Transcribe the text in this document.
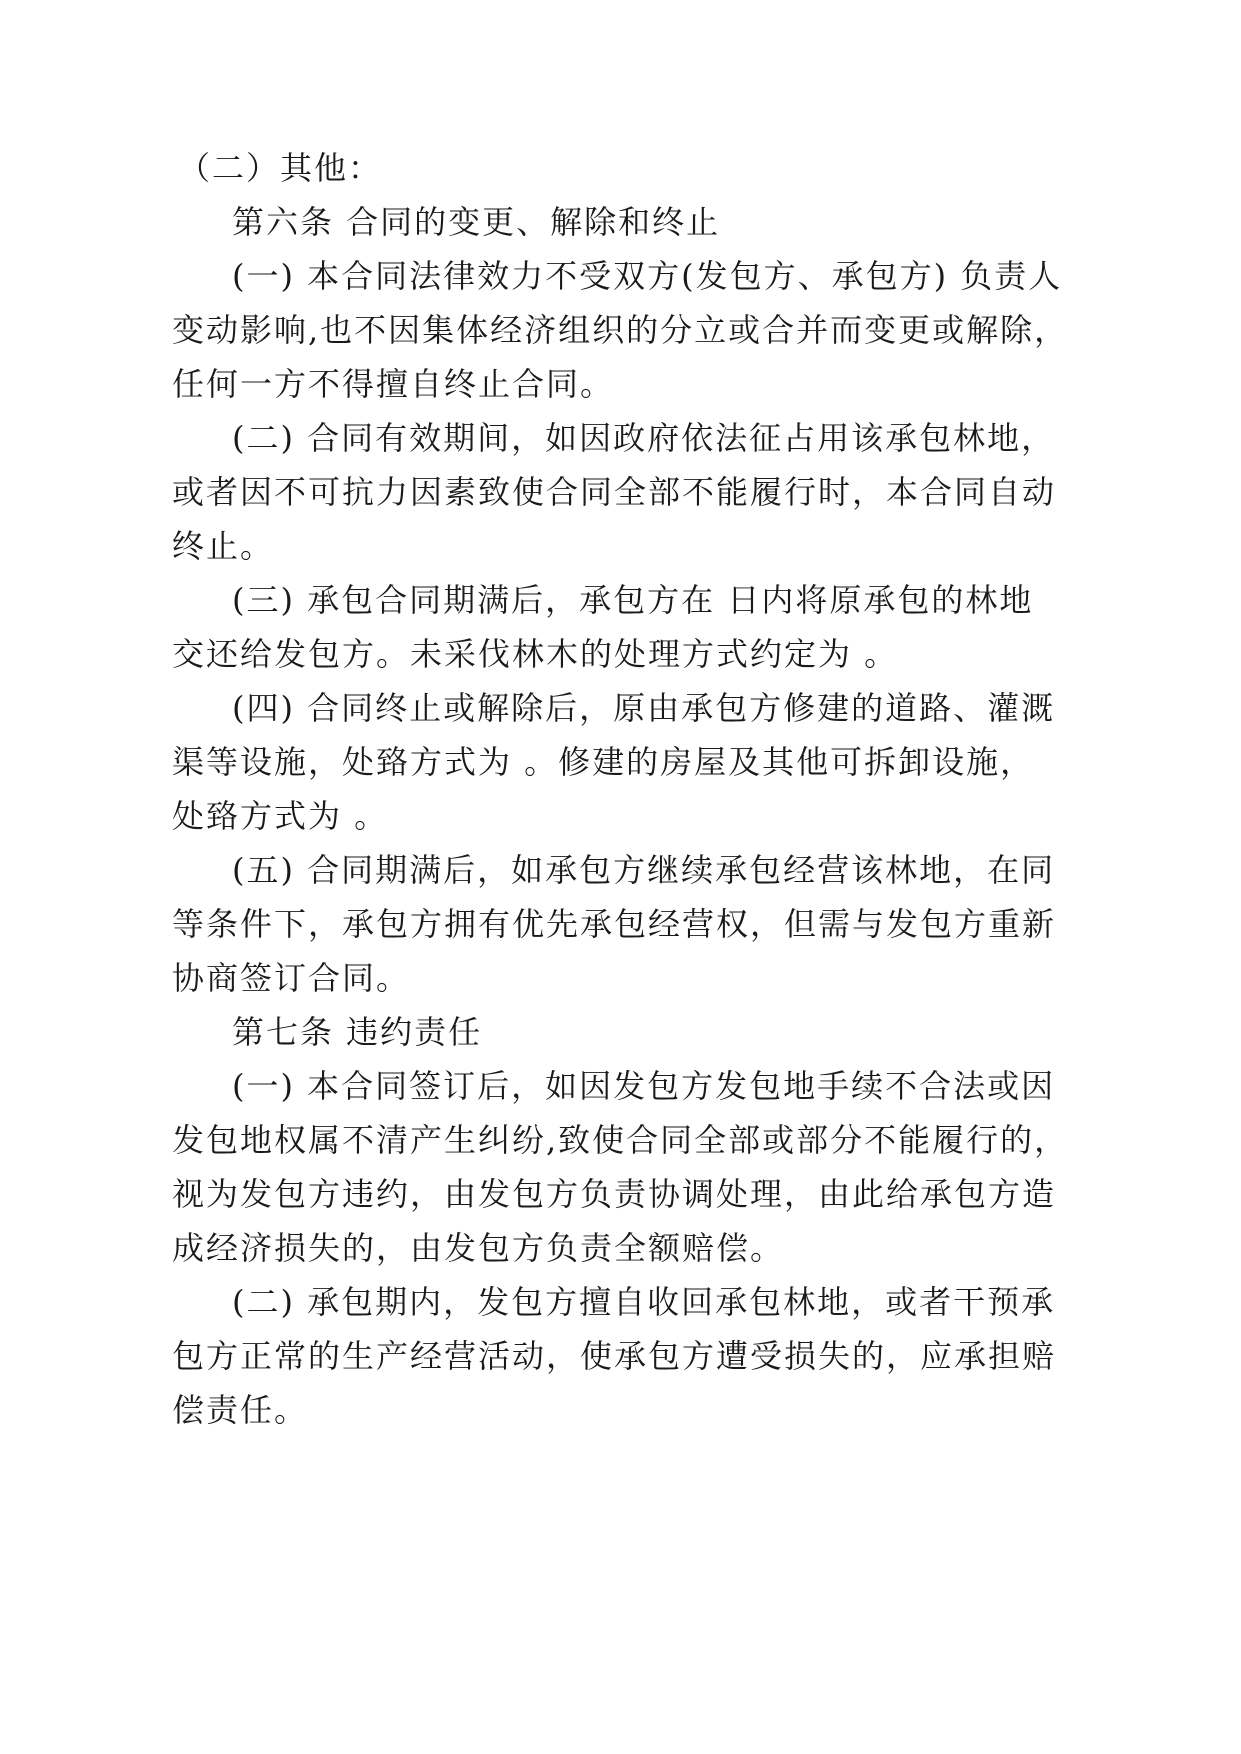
（二）其他：

第六条 合同的变更、解除和终止

(一) 本合同法律效力不受双方(发包方、承包方) 负责人

变动影响,也不因集体经济组织的分立或合并而变更或解除，

任何一方不得擅自终止合同。

(二) 合同有效期间，如因政府依法征占用该承包林地，

或者因不可抗力因素致使合同全部不能履行时，本合同自动

终止。

(三) 承包合同期满后，承包方在 日内将原承包的林地

交还给发包方。未采伐林木的处理方式约定为 。

(四) 合同终止或解除后，原由承包方修建的道路、灌溉

渠等设施，处臵方式为 。修建的房屋及其他可拆卸设施，

处臵方式为 。

(五) 合同期满后，如承包方继续承包经营该林地，在同

等条件下，承包方拥有优先承包经营权，但需与发包方重新

协商签订合同。

第七条 违约责任

(一) 本合同签订后，如因发包方发包地手续不合法或因

发包地权属不清产生纠纷,致使合同全部或部分不能履行的，

视为发包方违约，由发包方负责协调处理，由此给承包方造

成经济损失的，由发包方负责全额赔偿。

(二) 承包期内，发包方擅自收回承包林地，或者干预承

包方正常的生产经营活动，使承包方遭受损失的，应承担赔

偿责任。
